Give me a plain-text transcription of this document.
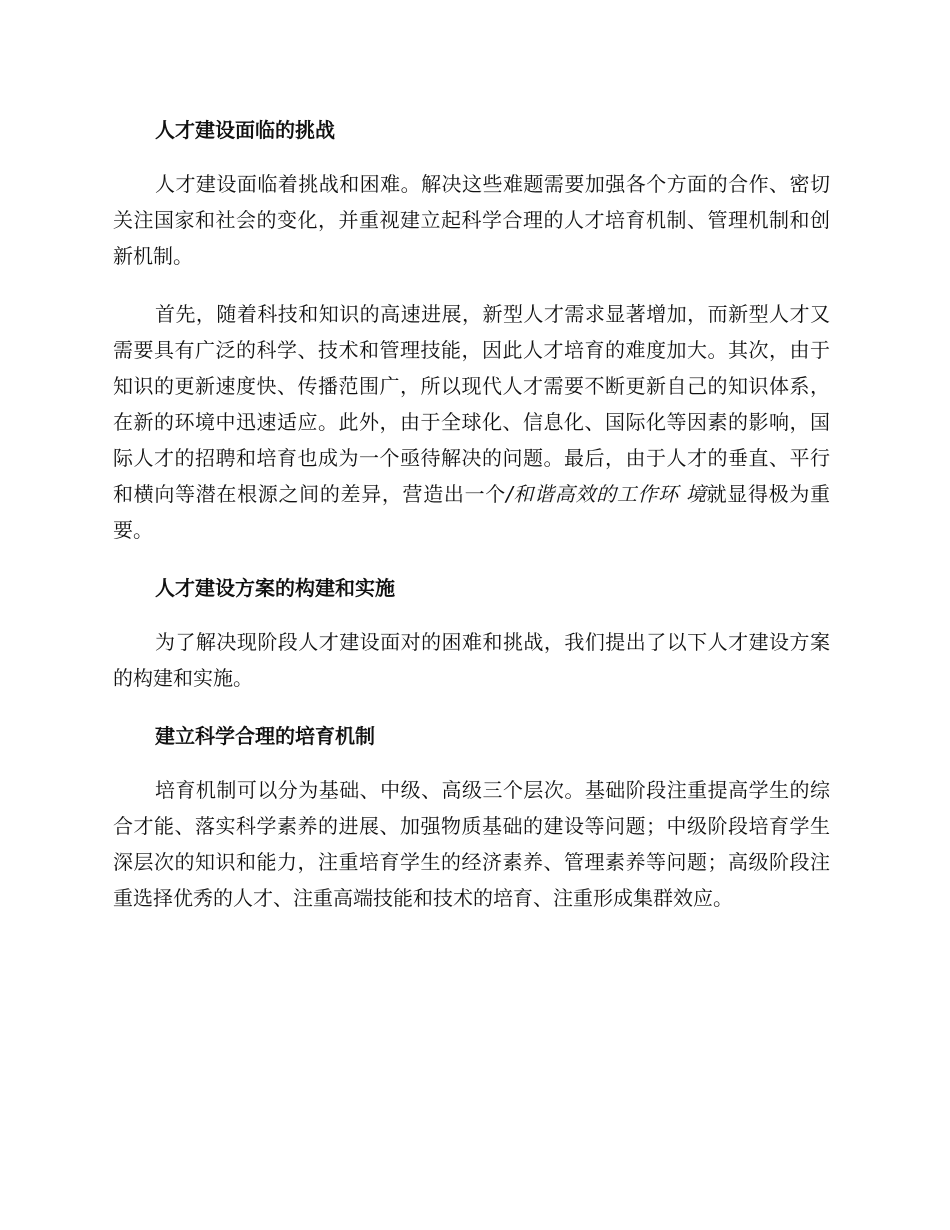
人才建设面临的挑战

人才建设面临着挑战和困难。解决这些难题需要加强各个方面的合作、密切关注国家和社会的变化，并重视建立起科学合理的人才培育机制、管理机制和创新机制。

首先，随着科技和知识的高速进展，新型人才需求显著增加，而新型人才又需要具有广泛的科学、技术和管理技能，因此人才培育的难度加大。其次，由于知识的更新速度快、传播范围广，所以现代人才需要不断更新自己的知识体系，在新的环境中迅速适应。此外，由于全球化、信息化、国际化等因素的影响，国际人才的招聘和培育也成为一个亟待解决的问题。最后，由于人才的垂直、平行和横向等潜在根源之间的差异，营造出一个/和谐高效的工作环 境就显得极为重要。

人才建设方案的构建和实施

为了解决现阶段人才建设面对的困难和挑战，我们提出了以下人才建设方案的构建和实施。

建立科学合理的培育机制

培育机制可以分为基础、中级、高级三个层次。基础阶段注重提高学生的综合才能、落实科学素养的进展、加强物质基础的建设等问题；中级阶段培育学生深层次的知识和能力，注重培育学生的经济素养、管理素养等问题；高级阶段注重选择优秀的人才、注重高端技能和技术的培育、注重形成集群效应。
